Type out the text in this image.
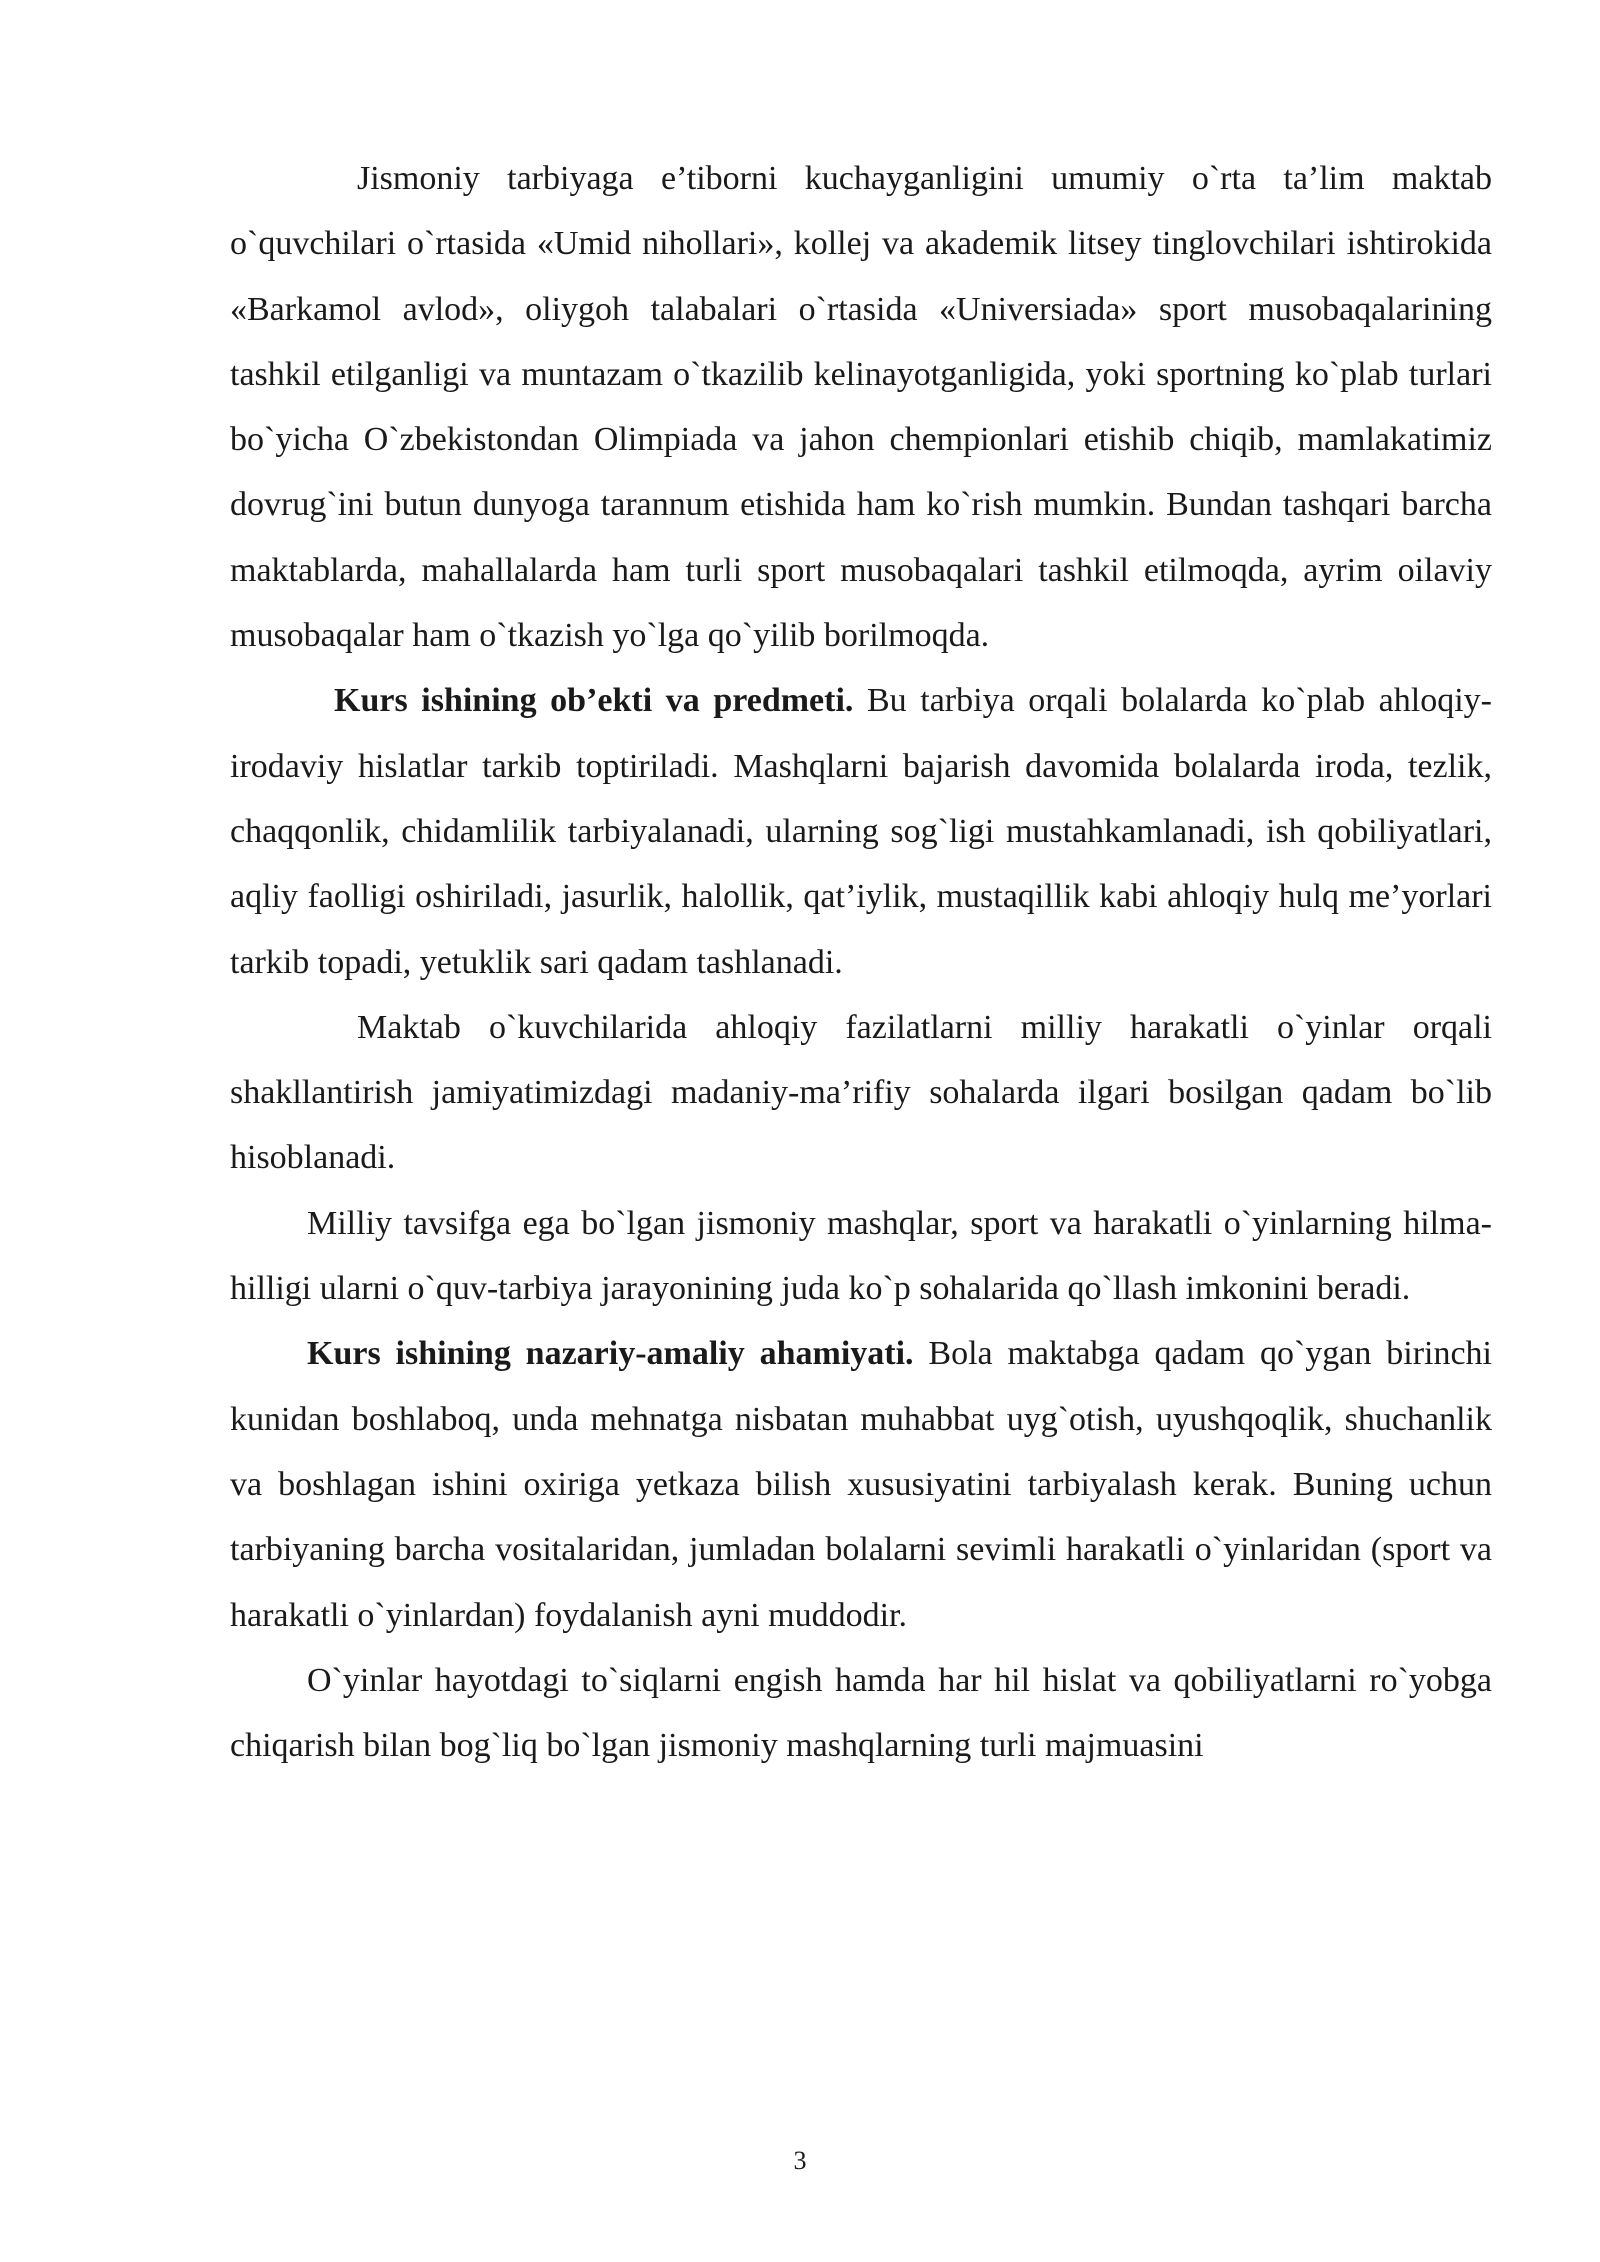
Jismoniy tarbiyaga e’tiborni kuchayganligini umumiy o`rta ta’lim maktab o`quvchilari o`rtasida «Umid nihollari», kollej va akademik litsey tinglovchilari ishtirokida «Barkamol avlod», oliygoh talabalari o`rtasida «Universiada» sport musobaqalarining tashkil etilganligi va muntazam o`tkazilib kelinayotganligida, yoki sportning ko`plab turlari bo`yicha O`zbekistondan Olimpiada va jahon chempionlari etishib chiqib, mamlakatimiz dovrug`ini butun dunyoga tarannum etishida ham ko`rish mumkin. Bundan tashqari barcha maktablarda, mahallalarda ham turli sport musobaqalari tashkil etilmoqda, ayrim oilaviy musobaqalar ham o`tkazish yo`lga qo`yilib borilmoqda.

Kurs ishining ob’ekti va predmeti. Bu tarbiya orqali bolalarda ko`plab ahloqiy-irodaviy hislatlar tarkib toptiriladi. Mashqlarni bajarish davomida bolalarda iroda, tezlik, chaqqonlik, chidamlilik tarbiyalanadi, ularning sog`ligi mustahkamlanadi, ish qobiliyatlari, aqliy faolligi oshiriladi, jasurlik, halollik, qat’iylik, mustaqillik kabi ahloqiy hulq me’yorlari tarkib topadi, yetuklik sari qadam tashlanadi.

Maktab o`kuvchilarida ahloqiy fazilatlarni milliy harakatli o`yinlar orqali shakllantirish jamiyatimizdagi madaniy-ma’rifiy sohalarda ilgari bosilgan qadam bo`lib hisoblanadi.

Milliy tavsifga ega bo`lgan jismoniy mashqlar, sport va harakatli o`yinlarning hilma-hilligi ularni o`quv-tarbiya jarayonining juda ko`p sohalarida qo`llash imkonini beradi.

Kurs ishining nazariy-amaliy ahamiyati. Bola maktabga qadam qo`ygan birinchi kunidan boshlaboq, unda mehnatga nisbatan muhabbat uyg`otish, uyushqoqlik, shuchanlik va boshlagan ishini oxiriga yetkaza bilish xususiyatini tarbiyalash kerak. Buning uchun tarbiyaning barcha vositalaridan, jumladan bolalarni sevimli harakatli o`yinlaridan (sport va harakatli o`yinlardan) foydalanish ayni muddodir.

O`yinlar hayotdagi to`siqlarni engish hamda har hil hislat va qobiliyatlarni ro`yobga chiqarish bilan bog`liq bo`lgan jismoniy mashqlarning turli majmuasini

3
